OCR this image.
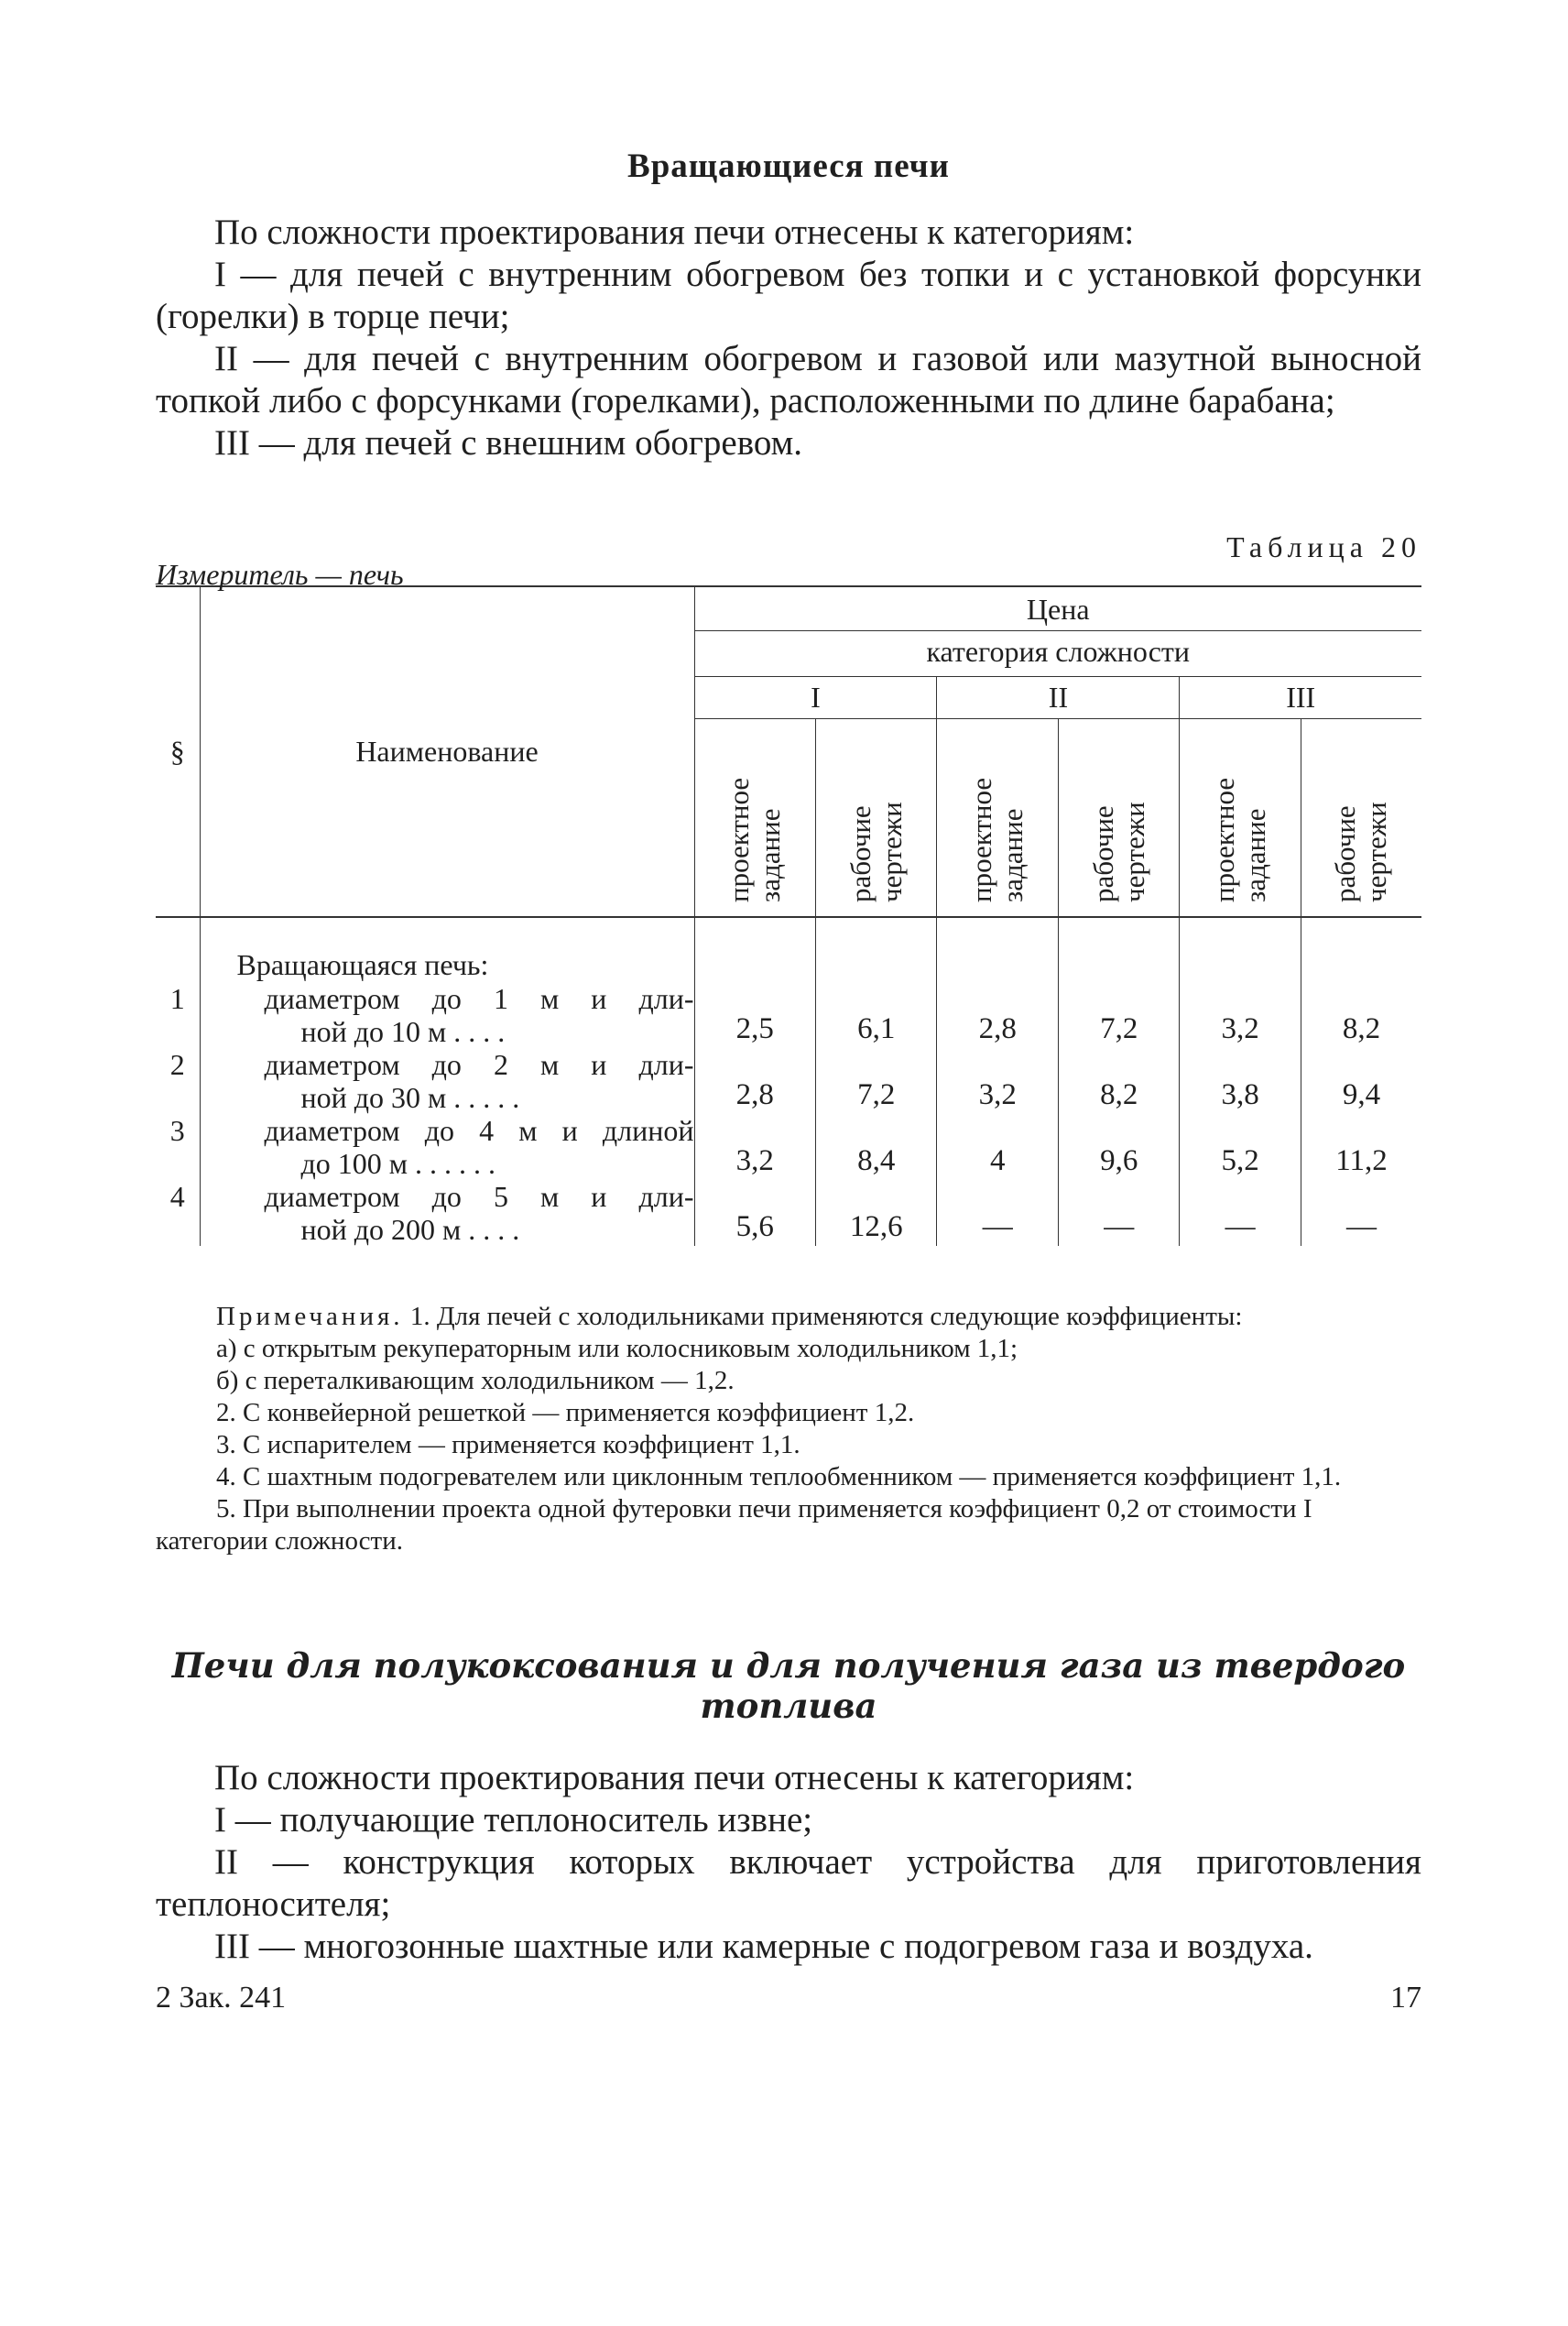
Вращающиеся печи

По сложности проектирования печи отнесены к категориям:

I — для печей с внутренним обогревом без топки и с установкой форсунки (горелки) в торце печи;

II — для печей с внутренним обогревом и газовой или мазутной выносной топкой либо с форсунками (горелками), расположенными по длине барабана;

III — для печей с внешним обогревом.

Измеритель — печь
Таблица 20
§	Наименование	Цена					
		категория сложности					
		I		II		III	

		проектное задание	рабочие чертежи	проектное задание	рабочие чертежи	проектное задание	рабочие чертежи

	Вращающаяся печь:						
1	диаметром до 1 м и дли-
ной до 10 м . . . .	2,5	6,1	2,8	7,2	3,2	8,2
2	диаметром до 2 м и дли-
ной до 30 м . . . . .	2,8	7,2	3,2	8,2	3,8	9,4
3	диаметром до 4 м и длиной
до 100 м . . . . . .	3,2	8,4	4	9,6	5,2	11,2
4	диаметром до 5 м и дли-
ной до 200 м . . . .	5,6	12,6	—	—	—	—

Примечания. 1. Для печей с холодильниками применяются следующие коэффициенты:

а) с открытым рекуператорным или колосниковым холодильником 1,1;

б) с переталкивающим холодильником — 1,2.

2. С конвейерной решеткой — применяется коэффициент 1,2.

3. С испарителем — применяется коэффициент 1,1.

4. С шахтным подогревателем или циклонным теплообменником — применяется коэффициент 1,1.

5. При выполнении проекта одной футеровки печи применяется коэффициент 0,2 от стоимости I категории сложности.

Печи для полукоксования и для получения газа из твердого топлива

По сложности проектирования печи отнесены к категориям:

I — получающие теплоноситель извне;

II — конструкция которых включает устройства для приготовления теплоносителя;

III — многозонные шахтные или камерные с подогревом газа и воздуха.

2 Зак. 241	17
